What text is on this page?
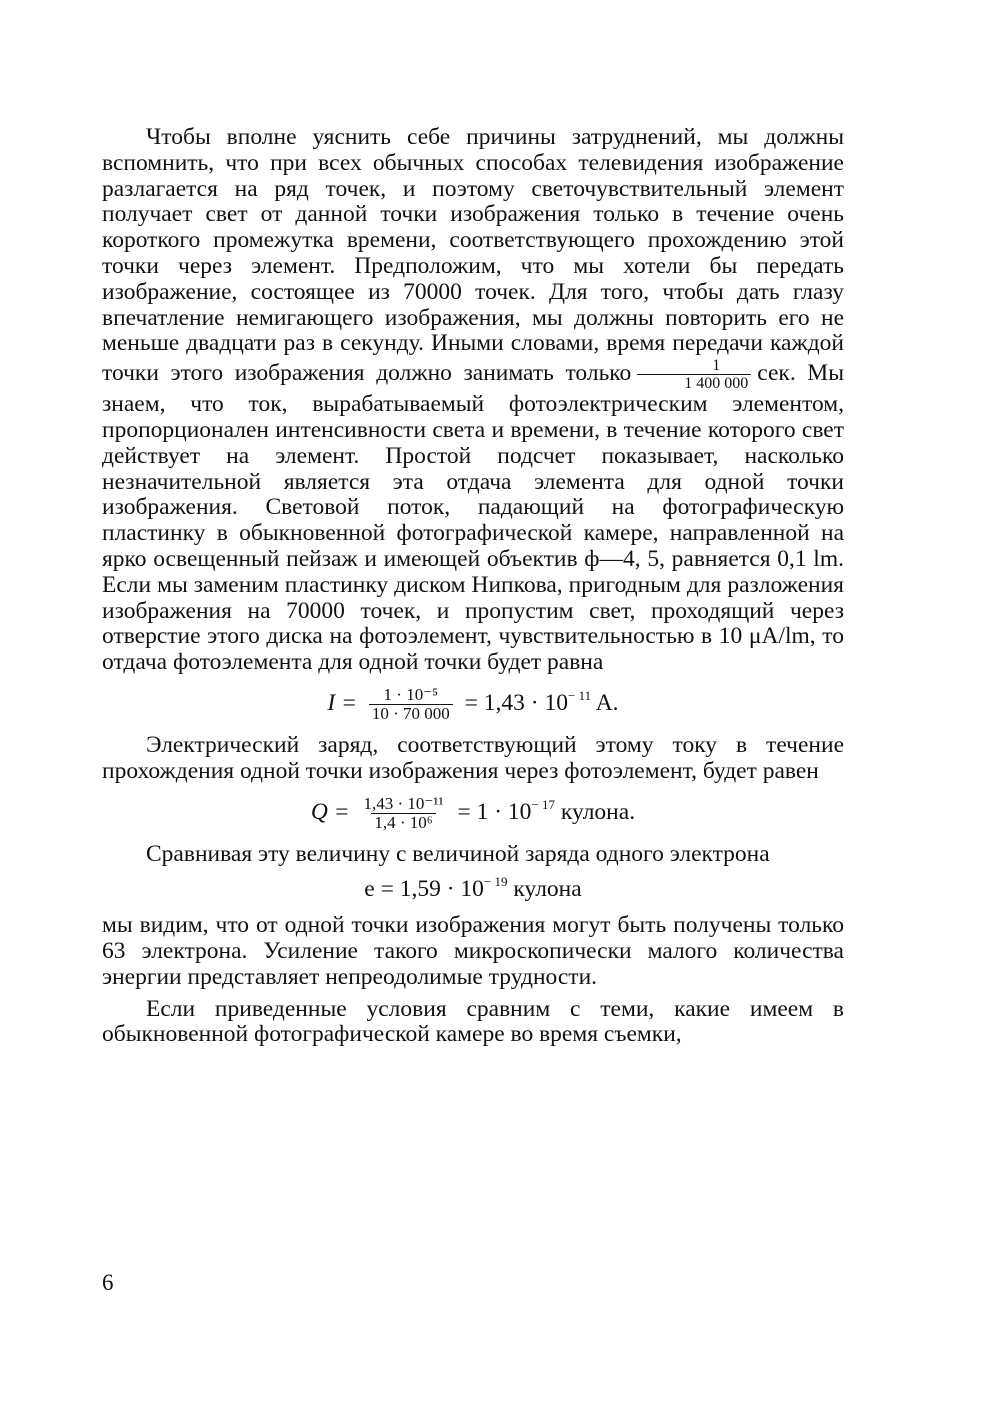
Чтобы вполне уяснить себе причины затруднений, мы должны вспомнить, что при всех обычных способах телевидения изображение разлагается на ряд точек, и поэтому светочувствительный элемент получает свет от данной точки изображения только в течение очень короткого промежутка времени, соответствующего прохождению этой точки через элемент. Предположим, что мы хотели бы передать изображение, состоящее из 70000 точек. Для того, чтобы дать глазу впечатление немигающего изображения, мы должны повторить его не меньше двадцати раз в секунду. Иными словами, время передачи каждой точки этого изображения должно занимать только $\frac{1}{1 400 000}$ сек. Мы знаем, что ток, вырабатываемый фотоэлектрическим элементом, пропорционален интенсивности света и времени, в течение которого свет действует на элемент. Простой подсчет показывает, насколько незначительной является эта отдача элемента для одной точки изображения. Световой поток, падающий на фотографическую пластинку в обыкновенной фотографической камере, направленной на ярко освещенный пейзаж и имеющей объектив ф—4, 5, равняется 0,1 lm. Если мы заменим пластинку диском Нипкова, пригодным для разложения изображения на 70000 точек, и пропустим свет, проходящий через отверстие этого диска на фотоэлемент, чувствительностью в 10 μA/lm, то отдача фотоэлемента для одной точки будет равна

$I = \frac{\text{1 · 10⁻⁵}}{10 \cdot 70 000} = 1,43 \cdot 10^{- 11}$ A.

Электрический заряд, соответствующий этому току в течение прохождения одной точки изображения через фотоэлемент, будет равен

$Q = \frac{\text{1,43 · 10⁻¹¹}}{\text{1,4 · 10⁶}} = 1 \cdot 10^{- 17}$ кулона.

Сравнивая эту величину с величиной заряда одного электрона

$e = 1,59 \cdot 10^{- 19}$ кулона

мы видим, что от одной точки изображения могут быть получены только 63 электрона. Усиление такого микроскопически малого количества энергии представляет непреодолимые трудности.

Если приведенные условия сравним с теми, какие имеем в обыкновенной фотографической камере во время съемки,

6
